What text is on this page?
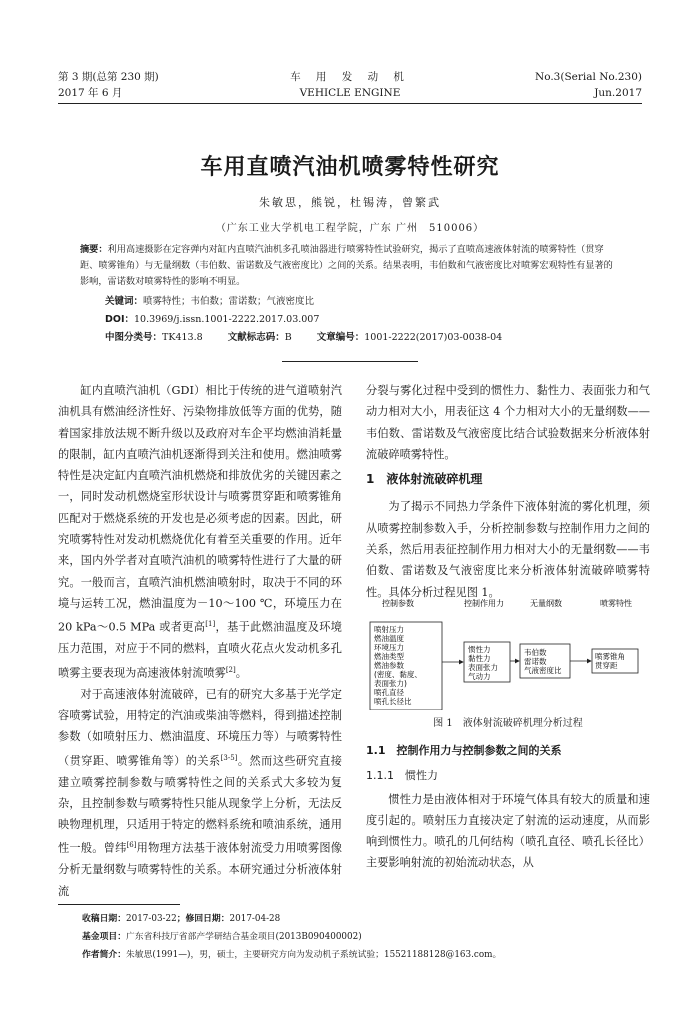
第 3 期(总第 230 期)
2017 年 6 月
车 用 发 动 机
VEHICLE ENGINE
No.3(Serial No.230)
Jun.2017
车用直喷汽油机喷雾特性研究
朱敏思，熊锐，杜锡涛，曾繁武
（广东工业大学机电工程学院，广东 广州　510006）
摘要：利用高速摄影在定容弹内对缸内直喷汽油机多孔喷油器进行喷雾特性试验研究，揭示了直喷高速液体射流的喷雾特性（贯穿距、喷雾锥角）与无量纲数（韦伯数、雷诺数及气液密度比）之间的关系。结果表明，韦伯数和气液密度比对喷雾宏观特性有显著的影响，雷诺数对喷雾特性的影响不明显。
关键词：喷雾特性；韦伯数；雷诺数；气液密度比
DOI：10.3969/j.issn.1001-2222.2017.03.007
中图分类号：TK413.8	文献标志码：B	文章编号：1001-2222(2017)03-0038-04

缸内直喷汽油机（GDI）相比于传统的进气道喷射汽油机具有燃油经济性好、污染物排放低等方面的优势，随着国家排放法规不断升级以及政府对车企平均燃油消耗量的限制，缸内直喷汽油机逐渐得到关注和使用。燃油喷雾特性是决定缸内直喷汽油机燃烧和排放优劣的关键因素之一，同时发动机燃烧室形状设计与喷雾贯穿距和喷雾锥角匹配对于燃烧系统的开发也是必须考虑的因素。因此，研究喷雾特性对发动机燃烧优化有着至关重要的作用。近年来，国内外学者对直喷汽油机的喷雾特性进行了大量的研究。一般而言，直喷汽油机燃油喷射时，取决于不同的环境与运转工况，燃油温度为－10～100 ℃，环境压力在 20 kPa～0.5 MPa 或者更高[1]，基于此燃油温度及环境压力范围，对应于不同的燃料，直喷火花点火发动机多孔喷雾主要表现为高速液体射流喷雾[2]。

对于高速液体射流破碎，已有的研究大多基于光学定容喷雾试验，用特定的汽油或柴油等燃料，得到描述控制参数（如喷射压力、燃油温度、环境压力等）与喷雾特性（贯穿距、喷雾锥角等）的关系[3-5]。然而这些研究直接建立喷雾控制参数与喷雾特性之间的关系式大多较为复杂，且控制参数与喷雾特性只能从现象学上分析，无法反映物理机理，只适用于特定的燃料系统和喷油系统，通用性一般。曾纬[6]用物理方法基于液体射流受力用喷雾图像分析无量纲数与喷雾特性的关系。本研究通过分析液体射流

分裂与雾化过程中受到的惯性力、黏性力、表面张力和气动力相对大小，用表征这 4 个力相对大小的无量纲数——韦伯数、雷诺数及气液密度比结合试验数据来分析液体射流破碎喷雾特性。

1　液体射流破碎机理

为了揭示不同热力学条件下液体射流的雾化机理，须从喷雾控制参数入手，分析控制参数与控制作用力之间的关系，然后用表征控制作用力相对大小的无量纲数——韦伯数、雷诺数及气液密度比来分析液体射流破碎喷雾特性。具体分析过程见图 1。

控制参数	控制作用力	无量纲数	喷雾特性
喷射压力
燃油温度
环境压力
燃油类型
燃油参数
(密度、黏度、
表面张力)
喷孔直径
喷孔长径比
惯性力
黏性力
表面张力
气动力
韦伯数
雷诺数
气液密度比
喷雾锥角
贯穿距
图 1　液体射流破碎机理分析过程
1.1　控制作用力与控制参数之间的关系
1.1.1　惯性力

惯性力是由液体相对于环境气体具有较大的质量和速度引起的。喷射压力直接决定了射流的运动速度，从而影响到惯性力。喷孔的几何结构（喷孔直径、喷孔长径比）主要影响射流的初始流动状态，从

收稿日期：2017-03-22；修回日期：2017-04-28
基金项目：广东省科技厅省部产学研结合基金项目(2013B090400002)
作者简介：朱敏思(1991—)，男，硕士，主要研究方向为发动机子系统试验；15521188128@163.com。
